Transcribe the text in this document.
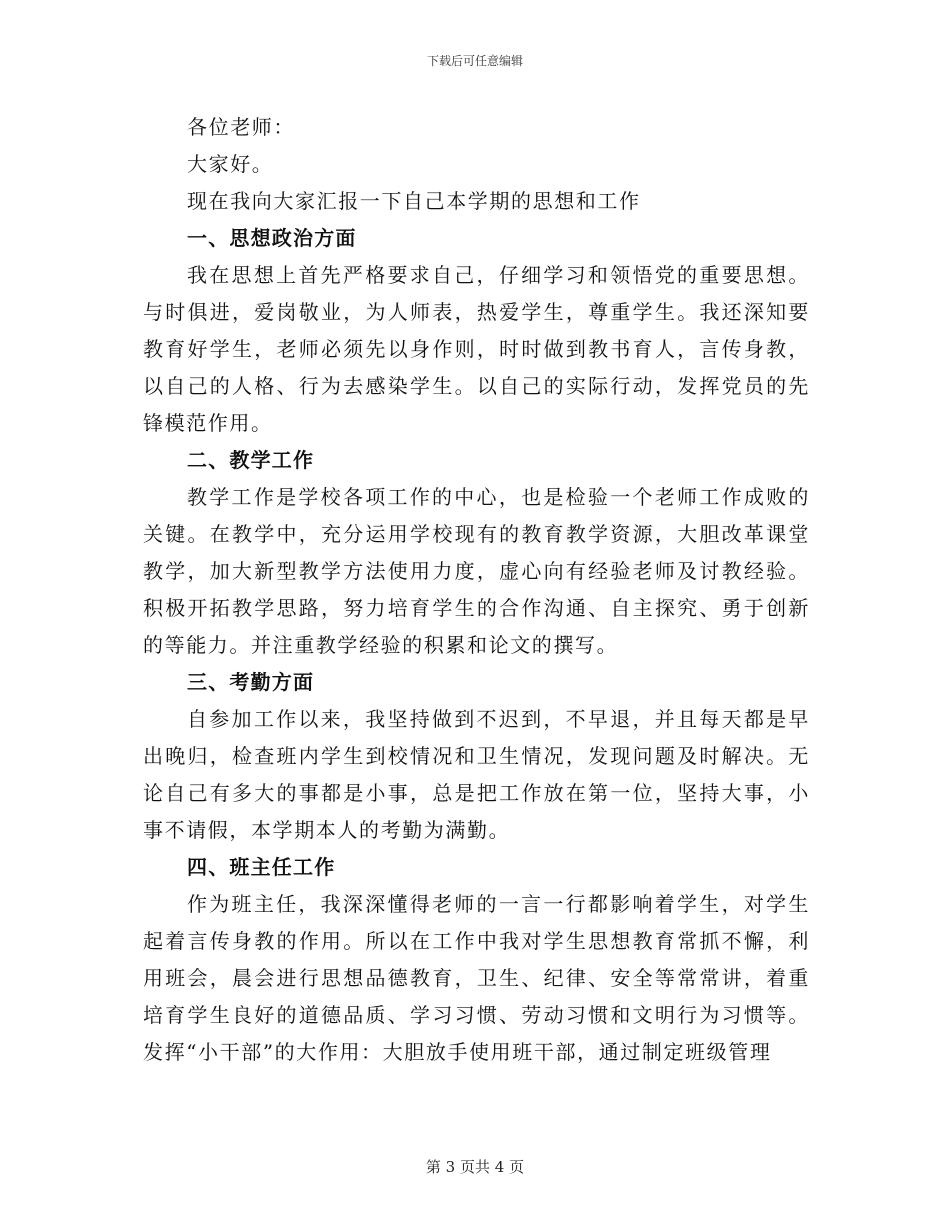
下载后可任意编辑

各位老师：

大家好。

现在我向大家汇报一下自己本学期的思想和工作

一、思想政治方面

我在思想上首先严格要求自己，仔细学习和领悟党的重要思想。与时俱进，爱岗敬业，为人师表，热爱学生，尊重学生。我还深知要教育好学生，老师必须先以身作则，时时做到教书育人，言传身教，以自己的人格、行为去感染学生。以自己的实际行动，发挥党员的先锋模范作用。

二、教学工作

教学工作是学校各项工作的中心，也是检验一个老师工作成败的关键。在教学中，充分运用学校现有的教育教学资源，大胆改革课堂教学，加大新型教学方法使用力度，虚心向有经验老师及讨教经验。积极开拓教学思路，努力培育学生的合作沟通、自主探究、勇于创新的等能力。并注重教学经验的积累和论文的撰写。

三、考勤方面

自参加工作以来，我坚持做到不迟到，不早退，并且每天都是早出晚归，检查班内学生到校情况和卫生情况，发现问题及时解决。无论自己有多大的事都是小事，总是把工作放在第一位，坚持大事，小事不请假，本学期本人的考勤为满勤。

四、班主任工作

作为班主任，我深深懂得老师的一言一行都影响着学生，对学生起着言传身教的作用。所以在工作中我对学生思想教育常抓不懈，利用班会，晨会进行思想品德教育，卫生、纪律、安全等常常讲，着重培育学生良好的道德品质、学习习惯、劳动习惯和文明行为习惯等。发挥“小干部”的大作用：大胆放手使用班干部，通过制定班级管理

第 3 页共 4 页
